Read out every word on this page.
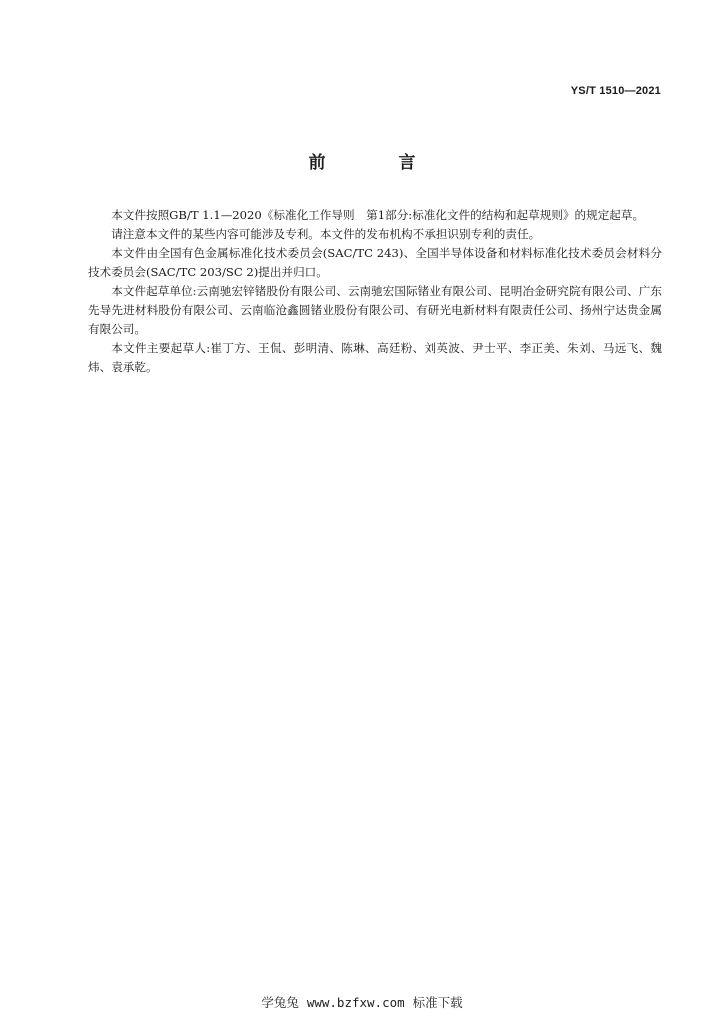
YS/T 1510—2021
前　言

本文件按照GB/T 1.1—2020《标准化工作导则　第1部分:标准化文件的结构和起草规则》的规定起草。

请注意本文件的某些内容可能涉及专利。本文件的发布机构不承担识别专利的责任。

本文件由全国有色金属标准化技术委员会(SAC/TC 243)、全国半导体设备和材料标准化技术委员会材料分技术委员会(SAC/TC 203/SC 2)提出并归口。

本文件起草单位:云南驰宏锌锗股份有限公司、云南驰宏国际锗业有限公司、昆明冶金研究院有限公司、广东先导先进材料股份有限公司、云南临沧鑫圆锗业股份有限公司、有研光电新材料有限责任公司、扬州宁达贵金属有限公司。

本文件主要起草人:崔丁方、王侃、彭明清、陈琳、高廷粉、刘英波、尹士平、李正美、朱刘、马远飞、魏炜、袁承乾。

学兔兔 www.bzfxw.com 标准下载
